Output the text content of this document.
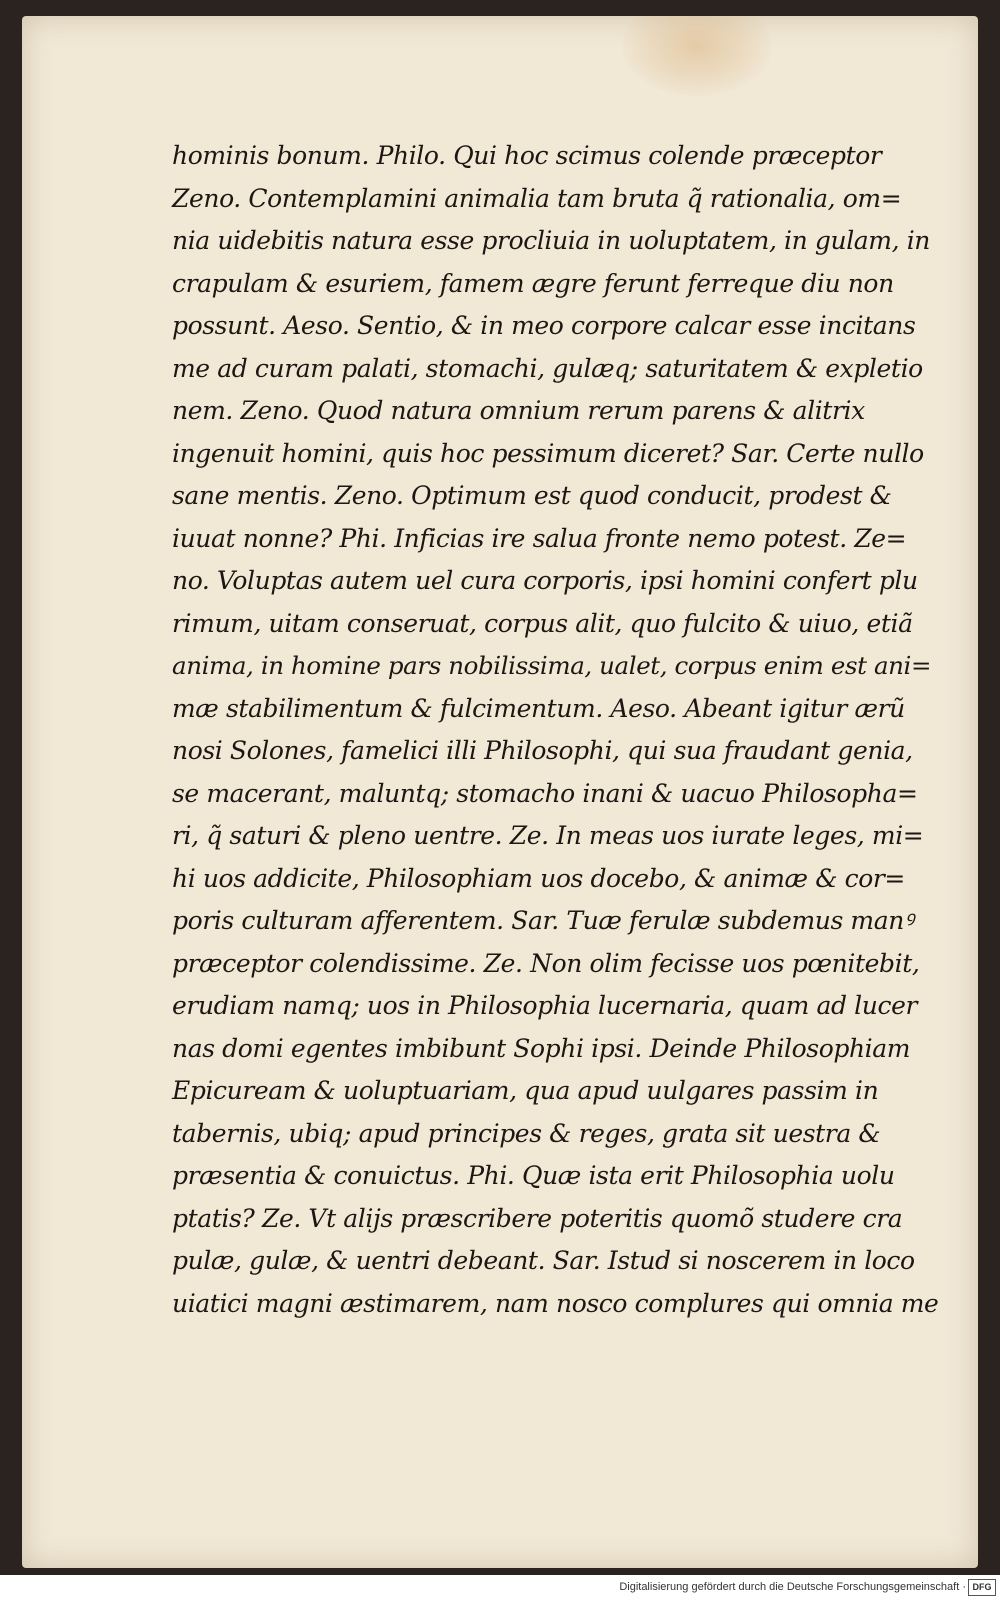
hominis bonum. Philo. Qui hoc scimus colende præceptor
Zeno. Contemplamini animalia tam bruta q̃ rationalia, om=
nia uidebitis natura esse procliuia in uoluptatem, in gulam, in
crapulam & esuriem, famem ægre ferunt ferreque diu non
possunt. Aeso. Sentio, & in meo corpore calcar esse incitans
me ad curam palati, stomachi, gulæq; saturitatem & expletio
nem. Zeno. Quod natura omnium rerum parens & alitrix
ingenuit homini, quis hoc pessimum diceret? Sar. Certe nullo
sane mentis. Zeno. Optimum est quod conducit, prodest &
iuuat nonne? Phi. Inficias ire salua fronte nemo potest. Ze=
no. Voluptas autem uel cura corporis, ipsi homini confert plu
rimum, uitam conseruat, corpus alit, quo fulcito & uiuo, etiã
anima, in homine pars nobilissima, ualet, corpus enim est ani=
mæ stabilimentum & fulcimentum. Aeso. Abeant igitur ærũ
nosi Solones, famelici illi Philosophi, qui sua fraudant genia,
se macerant, maluntq; stomacho inani & uacuo Philosopha=
ri, q̃ saturi & pleno uentre. Ze. In meas uos iurate leges, mi=
hi uos addicite, Philosophiam uos docebo, & animæ & cor=
poris culturam afferentem. Sar. Tuæ ferulæ subdemus manꝰ
præceptor colendissime. Ze. Non olim fecisse uos pœnitebit,
erudiam namq; uos in Philosophia lucernaria, quam ad lucer
nas domi egentes imbibunt Sophi ipsi. Deinde Philosophiam
Epicuream & uoluptuariam, qua apud uulgares passim in
tabernis, ubiq; apud principes & reges, grata sit uestra &
præsentia & conuictus. Phi. Quæ ista erit Philosophia uolu
ptatis? Ze. Vt alijs præscribere poteritis quomõ studere cra
pulæ, gulæ, & uentri debeant. Sar. Istud si noscerem in loco
uiatici magni æstimarem, nam nosco complures qui omnia me
Digitalisierung gefördert durch die Deutsche Forschungsgemeinschaft · DFG
